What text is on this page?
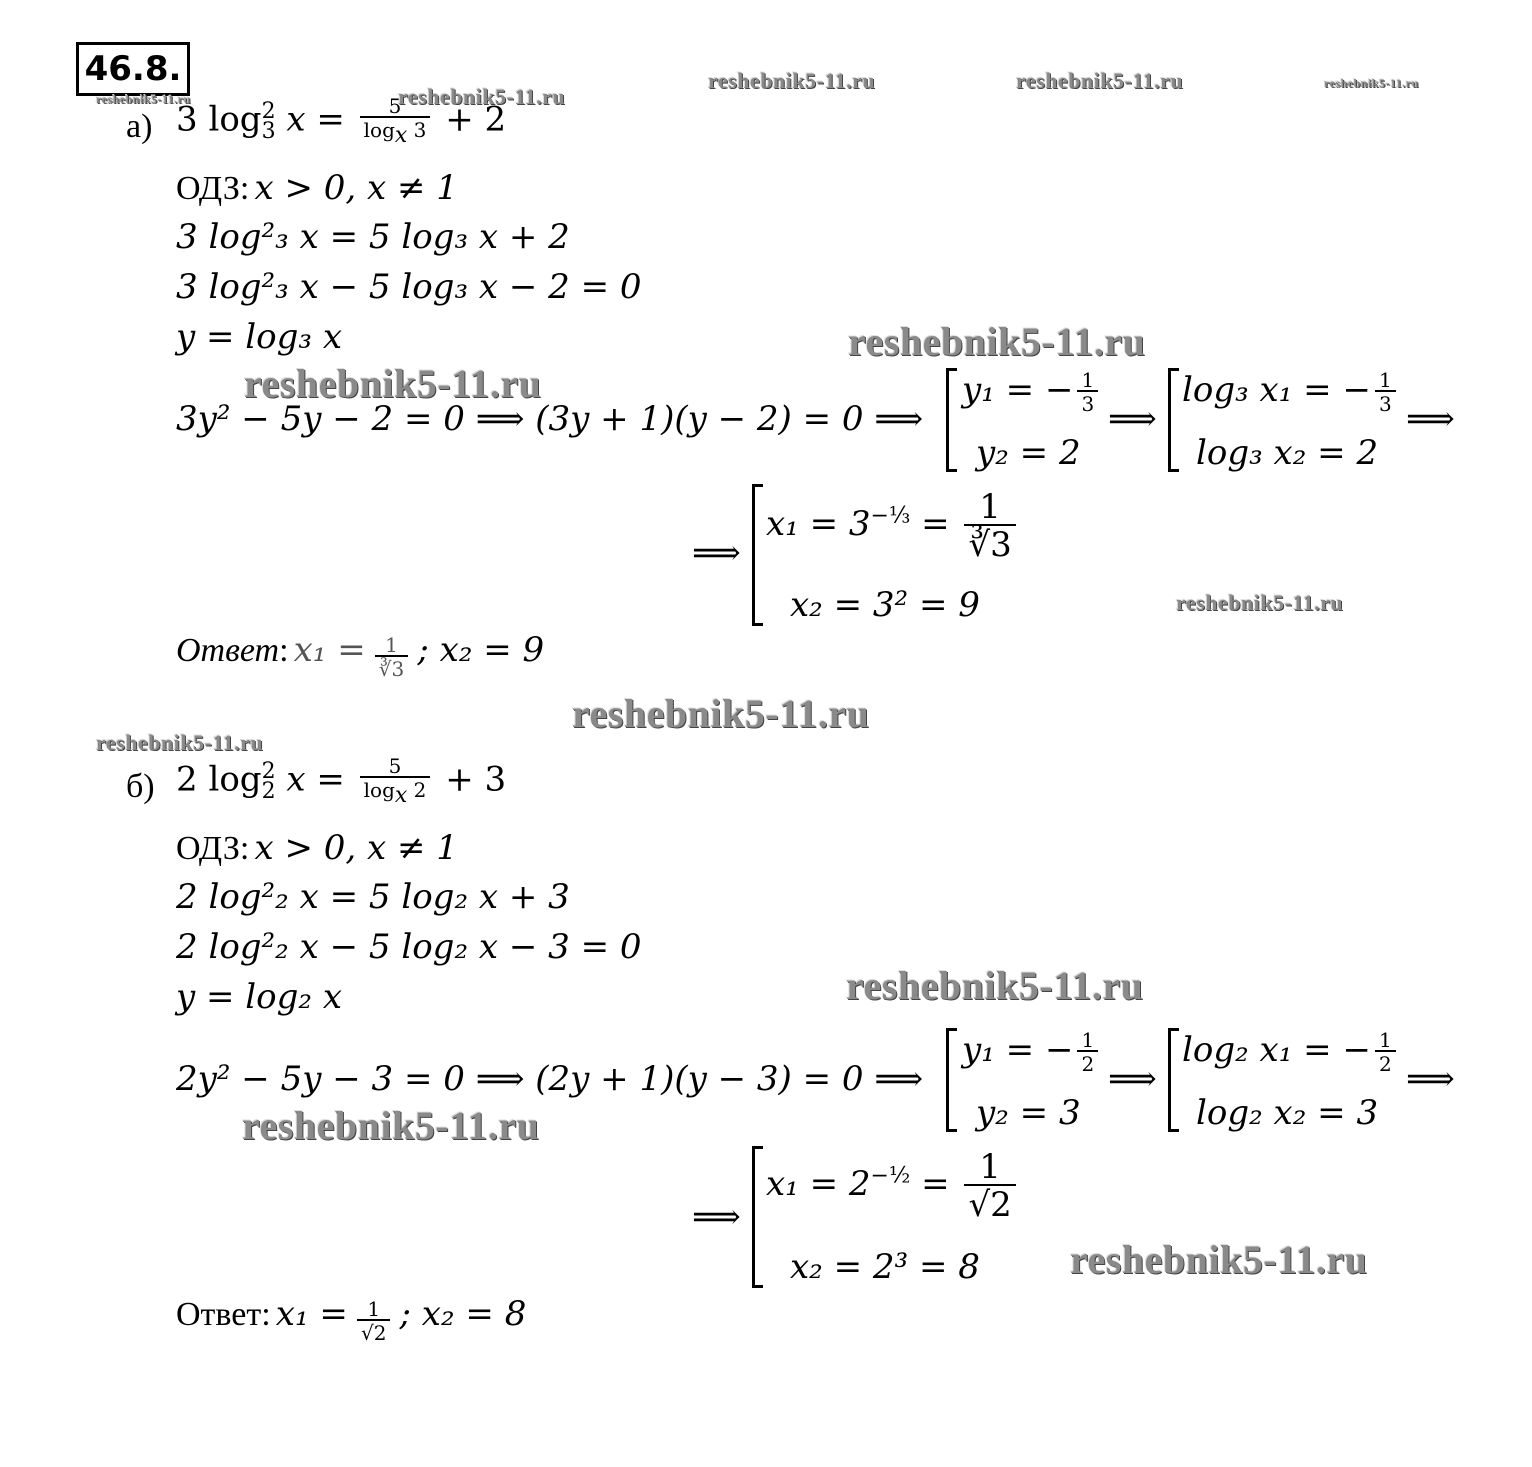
46.8.
reshebnik5-11.ru	reshebnik5-11.ru
reshebnik5-11.ru	reshebnik5-11.ru	reshebnik5-11.ru
reshebnik5-11.ru
reshebnik5-11.ru
reshebnik5-11.ru
reshebnik5-11.ru
reshebnik5-11.ru
reshebnik5-11.ru
reshebnik5-11.ru
reshebnik5-11.ru
а) 3 log 2
3 $x = \frac{5}{\log_x 3} + 2$
ОДЗ: x > 0, x ≠ 1
3 log²₃ x = 5 log₃ x + 2
3 log²₃ x − 5 log₃ x − 2 = 0
y = log₃ x
3y² − 5y − 2 = 0 ⟹ (3y + 1)(y − 2) = 0 ⟹
y₁ = − $\frac{1}{3}$
y₂ = 2
⟹
log₃ x₁ = − $\frac{1}{3}$
log₃ x₂ = 2
⟹
⟹
$x_1 = 3^{-\frac{1}{3}} = \frac{1}{∛3}$
x₂ = 3² = 9
Ответ: $x_1 = \frac{1}{∛3}$ ; x₂ = 9
б) 2 log 2
2 $x = \frac{5}{\log_x 2} + 3$
ОДЗ: x > 0, x ≠ 1
2 log²₂ x = 5 log₂ x + 3
2 log²₂ x − 5 log₂ x − 3 = 0
y = log₂ x
2y² − 5y − 3 = 0 ⟹ (2y + 1)(y − 3) = 0 ⟹
y₁ = − $\frac{1}{2}$
y₂ = 3
⟹
log₂ x₁ = − $\frac{1}{2}$
log₂ x₂ = 3
⟹
⟹
$x_1 = 2^{-\frac{1}{2}} = \frac{1}{√2}$
x₂ = 2³ = 8
Ответ: $x_1 = \frac{1}{√2}$ ; x₂ = 8
